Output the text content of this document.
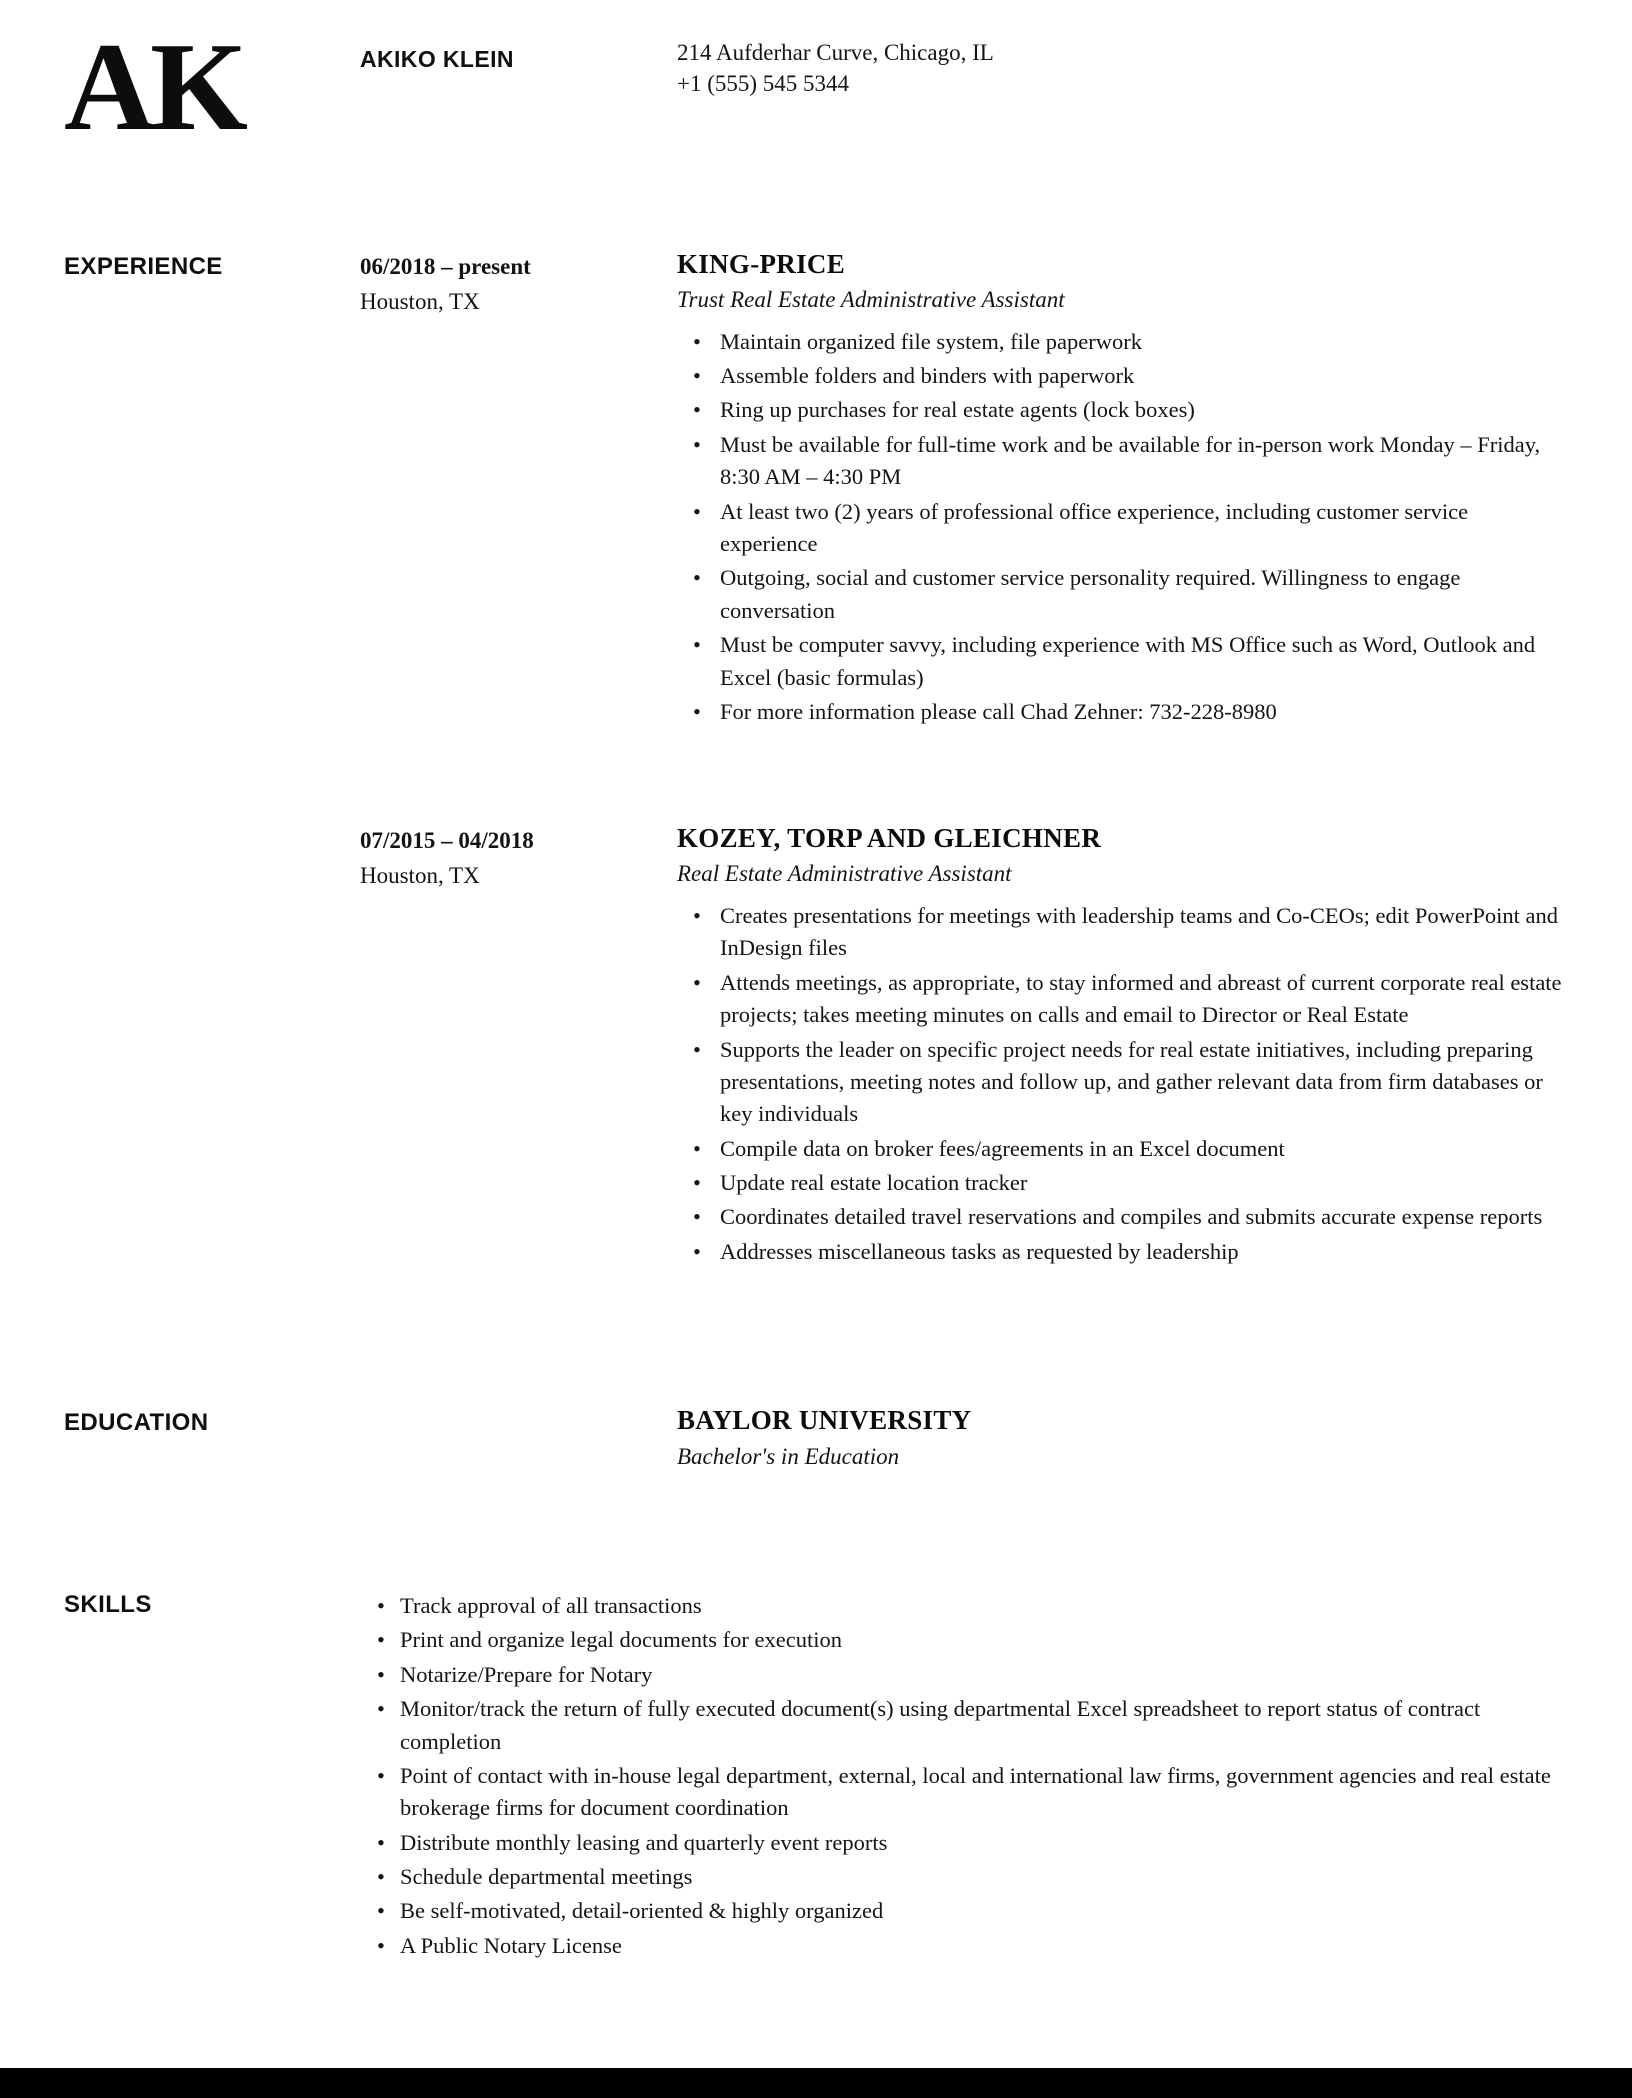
AK	AKIKO KLEIN	214 Aufderhar Curve, Chicago, IL
+1 (555) 545 5344
EXPERIENCE	06/2018 – present
Houston, TX
KING-PRICE
Trust Real Estate Administrative Assistant
• Maintain organized file system, file paperwork
• Assemble folders and binders with paperwork
• Ring up purchases for real estate agents (lock boxes)
• Must be available for full-time work and be available for in-person work Monday – Friday, 8:30 AM – 4:30 PM
• At least two (2) years of professional office experience, including customer service experience
• Outgoing, social and customer service personality required. Willingness to engage conversation
• Must be computer savvy, including experience with MS Office such as Word, Outlook and Excel (basic formulas)
• For more information please call Chad Zehner: 732-228-8980
07/2015 – 04/2018
Houston, TX
KOZEY, TORP AND GLEICHNER
Real Estate Administrative Assistant
• Creates presentations for meetings with leadership teams and Co-CEOs; edit PowerPoint and InDesign files
• Attends meetings, as appropriate, to stay informed and abreast of current corporate real estate projects; takes meeting minutes on calls and email to Director or Real Estate
• Supports the leader on specific project needs for real estate initiatives, including preparing presentations, meeting notes and follow up, and gather relevant data from firm databases or key individuals
• Compile data on broker fees/agreements in an Excel document
• Update real estate location tracker
• Coordinates detailed travel reservations and compiles and submits accurate expense reports
• Addresses miscellaneous tasks as requested by leadership
EDUCATION	BAYLOR UNIVERSITY
Bachelor's in Education
SKILLS	• Track approval of all transactions
• Print and organize legal documents for execution
• Notarize/Prepare for Notary
• Monitor/track the return of fully executed document(s) using departmental Excel spreadsheet to report status of contract completion
• Point of contact with in-house legal department, external, local and international law firms, government agencies and real estate brokerage firms for document coordination
• Distribute monthly leasing and quarterly event reports
• Schedule departmental meetings
• Be self-motivated, detail-oriented & highly organized
• A Public Notary License
